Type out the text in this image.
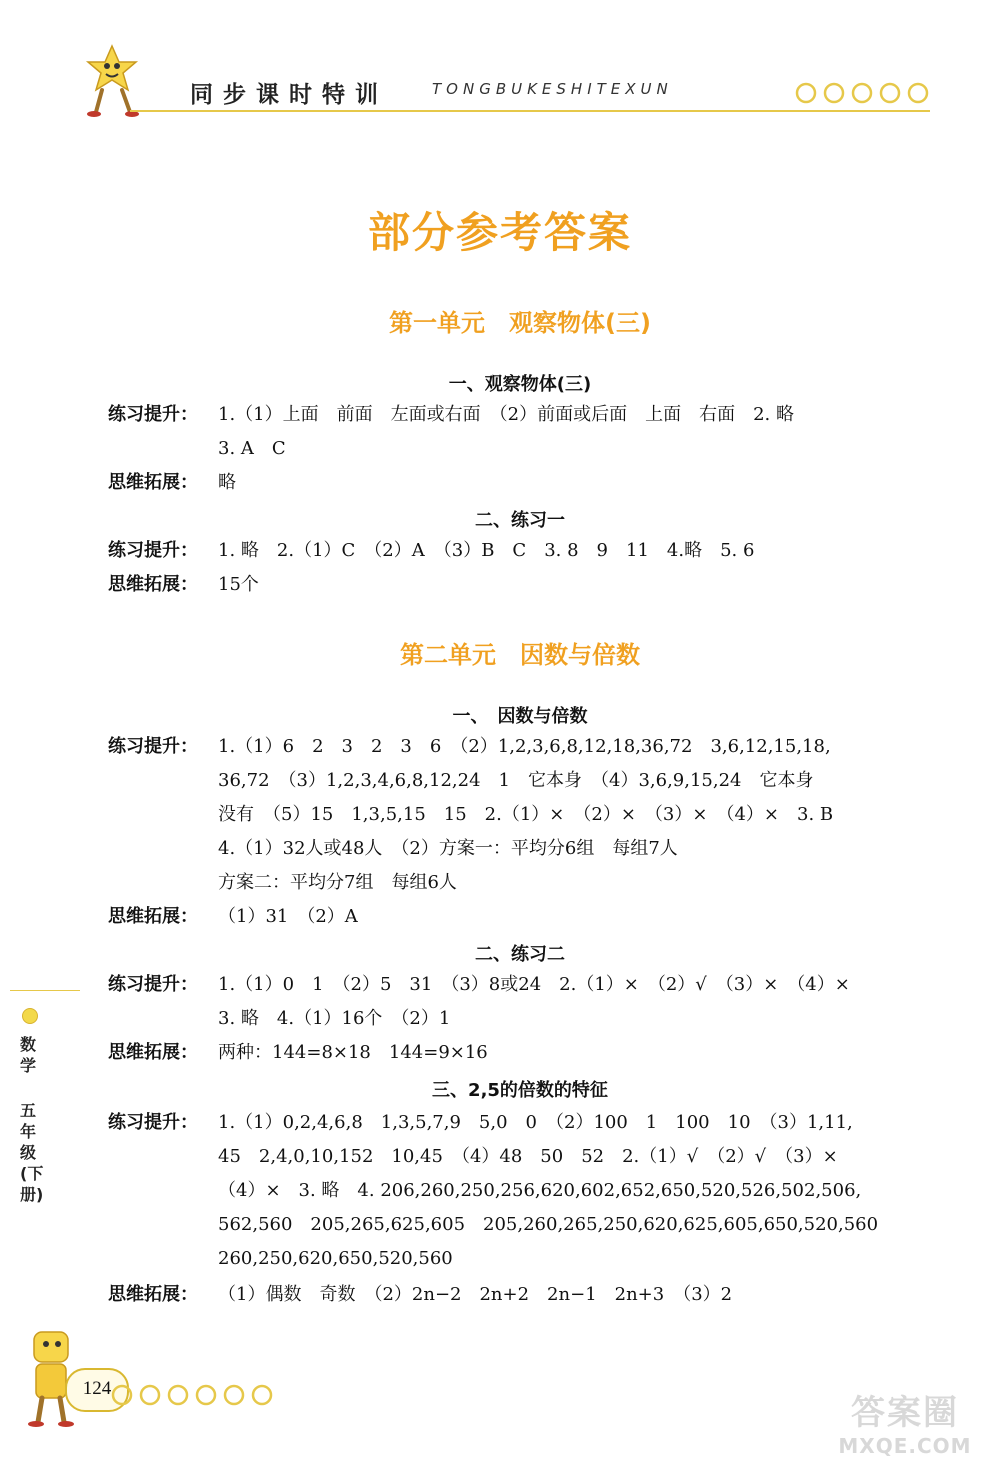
同步课时特训	TONGBUKESHITEXUN
部分参考答案
第一单元　观察物体(三)
一、观察物体(三)
练习提升： 1.（1）上面　前面　左面或右面　（2）前面或后面　上面　右面　2. 略
3. A　C
思维拓展： 略
二、练习一
练习提升： 1. 略　2.（1）C　（2）A　（3）B　C　3. 8　9　11　4.略　5. 6
思维拓展： 15个
第二单元　因数与倍数
一、　因数与倍数
练习提升： 1.（1）6　2　3　2　3　6　（2）1,2,3,6,8,12,18,36,72　3,6,12,15,18,
36,72　（3）1,2,3,4,6,8,12,24　1　它本身　（4）3,6,9,15,24　它本身
没有　（5）15　1,3,5,15　15　2.（1）×　（2）×　（3）×　（4）×　3. B
4.（1）32人或48人　（2）方案一：平均分6组　每组7人
方案二：平均分7组　每组6人
思维拓展： （1）31　（2）A
二、练习二
练习提升： 1.（1）0　1　（2）5　31　（3）8或24　2.（1）×　（2）√　（3）×　（4）×
3. 略　4.（1）16个　（2）1
思维拓展： 两种：144=8×18　144=9×16
三、2,5的倍数的特征
练习提升： 1.（1）0,2,4,6,8　1,3,5,7,9　5,0　0　（2）100　1　100　10　（3）1,11,
45　2,4,0,10,152　10,45　（4）48　50　52　2.（1）√　（2）√　（3）×
（4）×　3. 略　4. 206,260,250,256,620,602,652,650,520,526,502,506,
562,560　205,265,625,605　205,260,265,250,620,625,605,650,520,560
260,250,620,650,520,560
思维拓展： （1）偶数　奇数　（2）2n−2　2n+2　2n−1　2n+3　（3）2
数学
五年级(下册)
124
答案圈
MXQE.COM
